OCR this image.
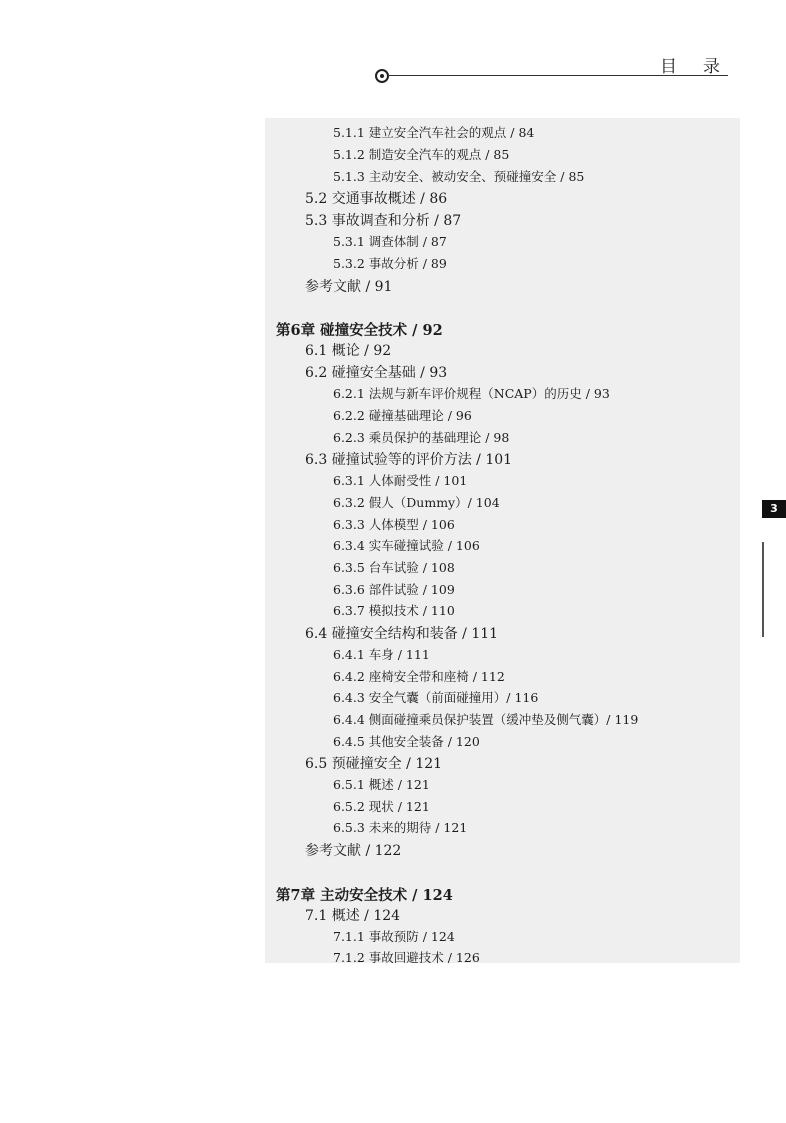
目录
5.1.1 建立安全汽车社会的观点 / 84
5.1.2 制造安全汽车的观点 / 85
5.1.3 主动安全、被动安全、预碰撞安全 / 85
5.2 交通事故概述 / 86
5.3 事故调查和分析 / 87
5.3.1 调查体制 / 87
5.3.2 事故分析 / 89
参考文献 / 91
第6章 碰撞安全技术 / 92
6.1 概论 / 92
6.2 碰撞安全基础 / 93
6.2.1 法规与新车评价规程（NCAP）的历史 / 93
6.2.2 碰撞基础理论 / 96
6.2.3 乘员保护的基础理论 / 98
6.3 碰撞试验等的评价方法 / 101
6.3.1 人体耐受性 / 101
6.3.2 假人（Dummy）/ 104
6.3.3 人体模型 / 106
6.3.4 实车碰撞试验 / 106
6.3.5 台车试验 / 108
6.3.6 部件试验 / 109
6.3.7 模拟技术 / 110
6.4 碰撞安全结构和装备 / 111
6.4.1 车身 / 111
6.4.2 座椅安全带和座椅 / 112
6.4.3 安全气囊（前面碰撞用）/ 116
6.4.4 侧面碰撞乘员保护装置（缓冲垫及侧气囊）/ 119
6.4.5 其他安全装备 / 120
6.5 预碰撞安全 / 121
6.5.1 概述 / 121
6.5.2 现状 / 121
6.5.3 未来的期待 / 121
参考文献 / 122
第7章 主动安全技术 / 124
7.1 概述 / 124
7.1.1 事故预防 / 124
7.1.2 事故回避技术 / 126
3
